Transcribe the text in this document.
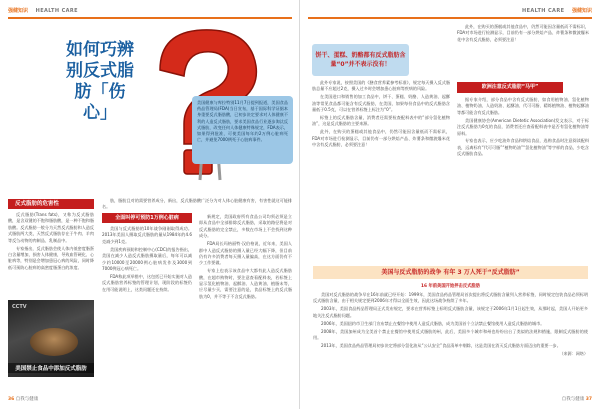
强健知识 HEALTH CARE
如何巧辨别反式脂肪「伤心」
美国健康与库拉特别11月7日提到报道，美国食品药品管理局(FDA)当日宣布，基于国际科学证据本身重要反式脂肪酸，已初步决定要求对人体健康不利的人造反式脂肪，要求美国食品行业逐步淘汰反式脂肪，改变任何人体健康特殊规定，FDA表示，如果得到批准，可使美国每年约2万例心脏病死亡，并避免7000例死于心脏病事件。
反式脂肪的危害性

反式脂肪(Trans fats)，又称为反式脂肪酸，是含双键的不饱和脂肪酸，是一种不饱和脂肪酸。反式脂肪一般分为天然反式脂肪和人造反式脂肪两大类，天然反式脂肪存在于牛肉、羊肉等反刍动物的肉制品、乳制品中。

专家指出，反式脂肪会使人体内低密度脂蛋白含量增加，损害人体健康，导致血管硬化、心脏病等，特别是会增加患冠心病的风险，同时降低可预防心脏病的高密度脂蛋白的浓度。

CCTV
美国禁止食品中添加反式脂肪

肪，脂肪且对的需要营养成分，新出，反式脂肪酸广泛分为对人体心脏健康有害，有害性就这可能排名。

全面叫停可预防1万例心脏病

美国与反式脂肪的10年战争刚刚取得成功。2013年美国人摄取反式脂肪的量从1984年的4.6克减少到1克。

美国疾病预防和控制中心(CDC)的报告指出，美国在减少人造反式脂肪摄取量后，每年可以减少约10000至20000例心脏病发作及3000到7000例冠心病死亡。

FDA称此项举措中，这包括已开始实施对人造反式脂肪营养标签的管理计划，现阶段的标签仍在用可能说明上，这类问题还在持续。

新规定，美国政府所有食品公司均须必须是立即从食品中全部排除反式脂肪，采取的路径将是对反式脂肪的完全禁止，多数在市场上不会找到这种成分。

FDA局长玛格丽特·汉伯格说，近年来，美国人群中人造反式脂肪的摄入量已经大幅下降，但目前仍有许多消费者每天摄入量偏高，在这方面仍有不少工作要做。

专家上也表示该食品中大都有此人造反式脂肪酸，在超市购物时，要注意查看配料表，若标签上显示氢化植物油、起酥油、人造黄油、植脂末等，应尽量少买，需要注意的是，食品标签上的反式脂肪为0，并不等于不含反式脂肪。

36 自我与健康
HEALTH CARE 强健知识
自我与健康 37
饼干、蛋糕、奶酪都有反式脂肪含量“0”并不表示没有！

此外专家说，按照美国的《膳食营养素参考标准》，规定每天摄入反式脂肪总量不应超过2克，摄入过多时会增加患心脏病等疾病的风险。

在美国进口和销售的加工食品中，饼干、蛋糕、奶酪、人造黄油、起酥油等常见食品都可能含有反式脂肪，在美国，如果每份食品中的反式脂肪含量低于0.5克，可以在营养标签上标注为“0”。

标签上的反式脂肪含量，消费者还需要检查配料表中的“部分氢化植物油”，这是反式脂肪的主要来源。

此外，在购买的蛋糕或其他食品中，仍然可能因含量低而不需标识，FDA对市场进行检测显示，目前仍有一部分烘焙产品、炸薯条和微波爆米花中含有反式脂肪，必须要注意！

此外，在购买的蛋糕或其他食品中，仍然可能因含量低而不需标识，FDA对市场进行检测显示，目前仍有一部分烘焙产品、炸薯条和微波爆米花中含有反式脂肪，必须要注意！

欧洲注意反式脂肪“马甲”

据专家介绍，部分食品中含有反式脂肪，如食用植物油、氢化植物油、植物奶油、人造奶油、起酥油、代可可脂、精炼植物油、植物起酥油等都可能含有反式脂肪。

美国健康协会(American Dietetic Association)发文表示，对于标注反式脂肪为0克的食品，消费者还应查看配料表中是否有氢化植物油等原料。

专家也表示，应少吃油炸食品和烘焙食品，选购食品时注意阅读配料表，远离标有“代可可脂”“植物奶油”“氢化植物油”等字样的食品，少吃含反式脂肪食品。

美国与反式脂肪的战争 有年 3 万人死于“反式脂肪”
16 年前美国开始抨击反式脂肪

美国对反式脂肪的战争早在16年前就已经开始：1999年，美国食品药品管理局首次提出将反式脂肪含量列入营养标签，同时规定包装食品必须标明反式脂肪含量，由于相关规定要到2006年才得以全面生效，因此这场战争持续了多年。

2003年，美国食品药品管理局正式发布规定，要求在营养标签上标明反式脂肪含量，该规定于2006年1月1日起生效，从那时起，美国人开始更多地关注反式脂肪问题。

2006年，美国纽约市卫生部门宣布禁止在餐馆中使用人造反式脂肪，成为美国首个立法禁止餐馆使用人造反式脂肪的城市。

2008年，美国加州成为全美首个禁止在餐馆中使用反式脂肪的州，此后，美国多个城市和州也纷纷出台了类似的法规和措施，限制反式脂肪的使用。

2013年，美国食品药品管理局初步决定将部分氢化油从“公认安全”食品清单中剔除，这是美国在消灭反式脂肪方面迈出的重要一步。

（来源：网络）
